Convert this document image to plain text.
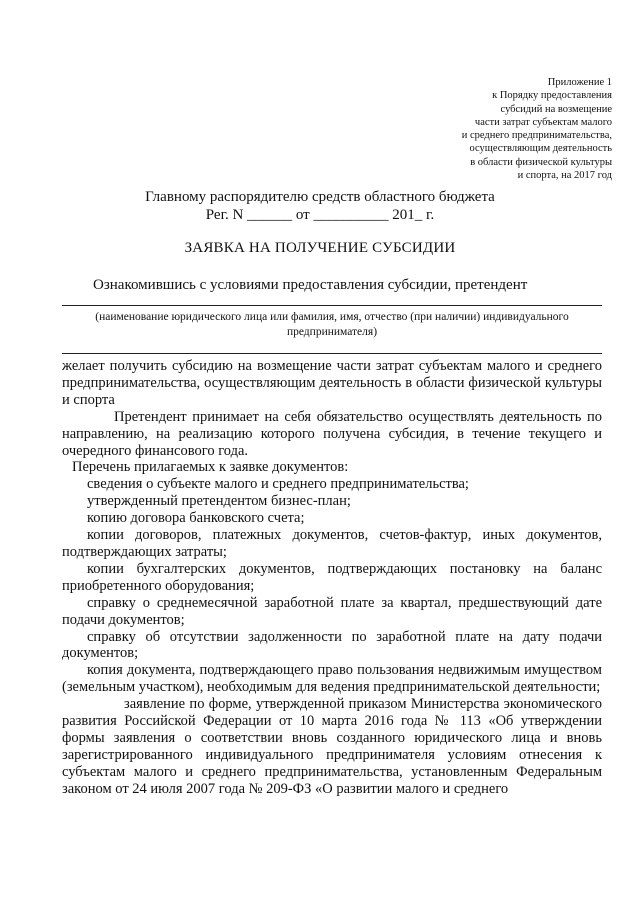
Приложение 1
к Порядку предоставления
субсидий на возмещение
части затрат субъектам малого
и среднего предпринимательства,
осуществляющим деятельность
в области физической культуры
и спорта, на 2017 год
Главному распорядителю средств областного бюджета
Рег. N ______ от __________ 201_ г.
ЗАЯВКА НА ПОЛУЧЕНИЕ СУБСИДИИ
Ознакомившись с условиями предоставления субсидии, претендент
(наименование юридического лица или фамилия, имя, отчество (при наличии) индивидуального предпринимателя)

желает получить субсидию на возмещение части затрат субъектам малого и среднего предпринимательства, осуществляющим деятельность в области физической культуры и спорта

Претендент принимает на себя обязательство осуществлять деятельность по направлению, на реализацию которого получена субсидия, в течение текущего и очередного финансового года.

Перечень прилагаемых к заявке документов:

сведения о субъекте малого и среднего предпринимательства;

утвержденный претендентом бизнес-план;

копию договора банковского счета;

копии договоров, платежных документов, счетов-фактур, иных документов, подтверждающих затраты;

копии бухгалтерских документов, подтверждающих постановку на баланс приобретенного оборудования;

справку о среднемесячной заработной плате за квартал, предшествующий дате подачи документов;

справку об отсутствии задолженности по заработной плате на дату подачи документов;

копия документа, подтверждающего право пользования недвижимым имуществом (земельным участком), необходимым для ведения предпринимательской деятельности;

заявление по форме, утвержденной приказом Министерства экономического развития Российской Федерации от 10 марта 2016 года № 113 «Об утверждении формы заявления о соответствии вновь созданного юридического лица и вновь зарегистрированного индивидуального предпринимателя условиям отнесения к субъектам малого и среднего предпринимательства, установленным Федеральным законом от 24 июля 2007 года № 209-ФЗ «О развитии малого и среднего
